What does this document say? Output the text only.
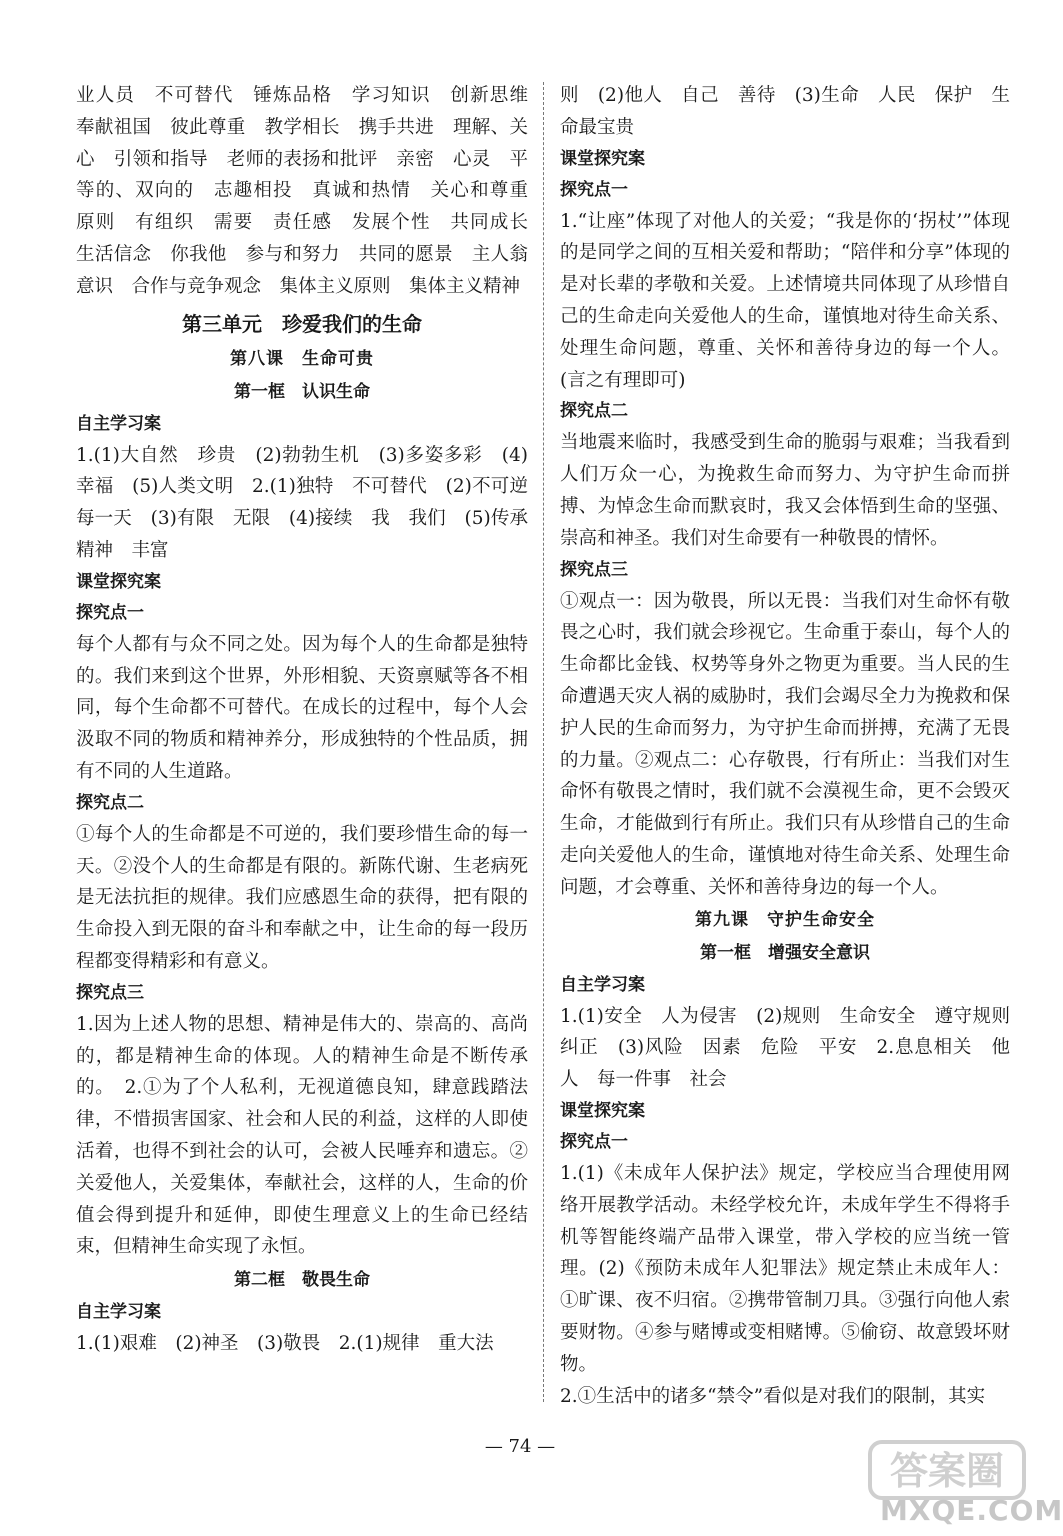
业人员　不可替代　锤炼品格　学习知识　创新思维　奉献祖国　彼此尊重　教学相长　携手共进　理解、关心　引领和指导　老师的表扬和批评　亲密　心灵　平等的、双向的　志趣相投　真诚和热情　关心和尊重　原则　有组织　需要　责任感　发展个性　共同成长　生活信念　你我他　参与和努力　共同的愿景　主人翁意识　合作与竞争观念　集体主义原则　集体主义精神

第三单元　珍爱我们的生命
第八课　生命可贵
第一框　认识生命
自主学习案

1.(1)大自然　珍贵　(2)勃勃生机　(3)多姿多彩　(4)幸福　(5)人类文明　2.(1)独特　不可替代　(2)不可逆　每一天　(3)有限　无限　(4)接续　我　我们　(5)传承　精神　丰富

课堂探究案
探究点一

每个人都有与众不同之处。因为每个人的生命都是独特的。我们来到这个世界，外形相貌、天资禀赋等各不相同，每个生命都不可替代。在成长的过程中，每个人会汲取不同的物质和精神养分，形成独特的个性品质，拥有不同的人生道路。

探究点二

①每个人的生命都是不可逆的，我们要珍惜生命的每一天。②没个人的生命都是有限的。新陈代谢、生老病死是无法抗拒的规律。我们应感恩生命的获得，把有限的生命投入到无限的奋斗和奉献之中，让生命的每一段历程都变得精彩和有意义。

探究点三

1.因为上述人物的思想、精神是伟大的、崇高的、高尚的，都是精神生命的体现。人的精神生命是不断传承的。　2.①为了个人私利，无视道德良知，肆意践踏法律，不惜损害国家、社会和人民的利益，这样的人即使活着，也得不到社会的认可，会被人民唾弃和遗忘。②关爱他人，关爱集体，奉献社会，这样的人，生命的价值会得到提升和延伸，即使生理意义上的生命已经结束，但精神生命实现了永恒。

第二框　敬畏生命
自主学习案

1.(1)艰难　(2)神圣　(3)敬畏　2.(1)规律　重大法

则　(2)他人　自己　善待　(3)生命　人民　保护　生命最宝贵

课堂探究案
探究点一

1.“让座”体现了对他人的关爱；“我是你的‘拐杖’”体现的是同学之间的互相关爱和帮助；“陪伴和分享”体现的是对长辈的孝敬和关爱。上述情境共同体现了从珍惜自己的生命走向关爱他人的生命，谨慎地对待生命关系、处理生命问题，尊重、关怀和善待身边的每一个人。(言之有理即可)

探究点二

当地震来临时，我感受到生命的脆弱与艰难；当我看到人们万众一心，为挽救生命而努力、为守护生命而拼搏、为悼念生命而默哀时，我又会体悟到生命的坚强、崇高和神圣。我们对生命要有一种敬畏的情怀。

探究点三

①观点一：因为敬畏，所以无畏：当我们对生命怀有敬畏之心时，我们就会珍视它。生命重于泰山，每个人的生命都比金钱、权势等身外之物更为重要。当人民的生命遭遇天灾人祸的威胁时，我们会竭尽全力为挽救和保护人民的生命而努力，为守护生命而拼搏，充满了无畏的力量。②观点二：心存敬畏，行有所止：当我们对生命怀有敬畏之情时，我们就不会漠视生命，更不会毁灭生命，才能做到行有所止。我们只有从珍惜自己的生命走向关爱他人的生命，谨慎地对待生命关系、处理生命问题，才会尊重、关怀和善待身边的每一个人。

第九课　守护生命安全
第一框　增强安全意识
自主学习案

1.(1)安全　人为侵害　(2)规则　生命安全　遵守规则　纠正　(3)风险　因素　危险　平安　2.息息相关　他人　每一件事　社会

课堂探究案
探究点一

1.(1)《未成年人保护法》规定，学校应当合理使用网络开展教学活动。未经学校允许，未成年学生不得将手机等智能终端产品带入课堂，带入学校的应当统一管理。(2)《预防未成年人犯罪法》规定禁止未成年人：①旷课、夜不归宿。②携带管制刀具。③强行向他人索要财物。④参与赌博或变相赌博。⑤偷窃、故意毁坏财物。

2.①生活中的诸多“禁令”看似是对我们的限制，其实

— 74 —
答案圈
MXQE.COM
